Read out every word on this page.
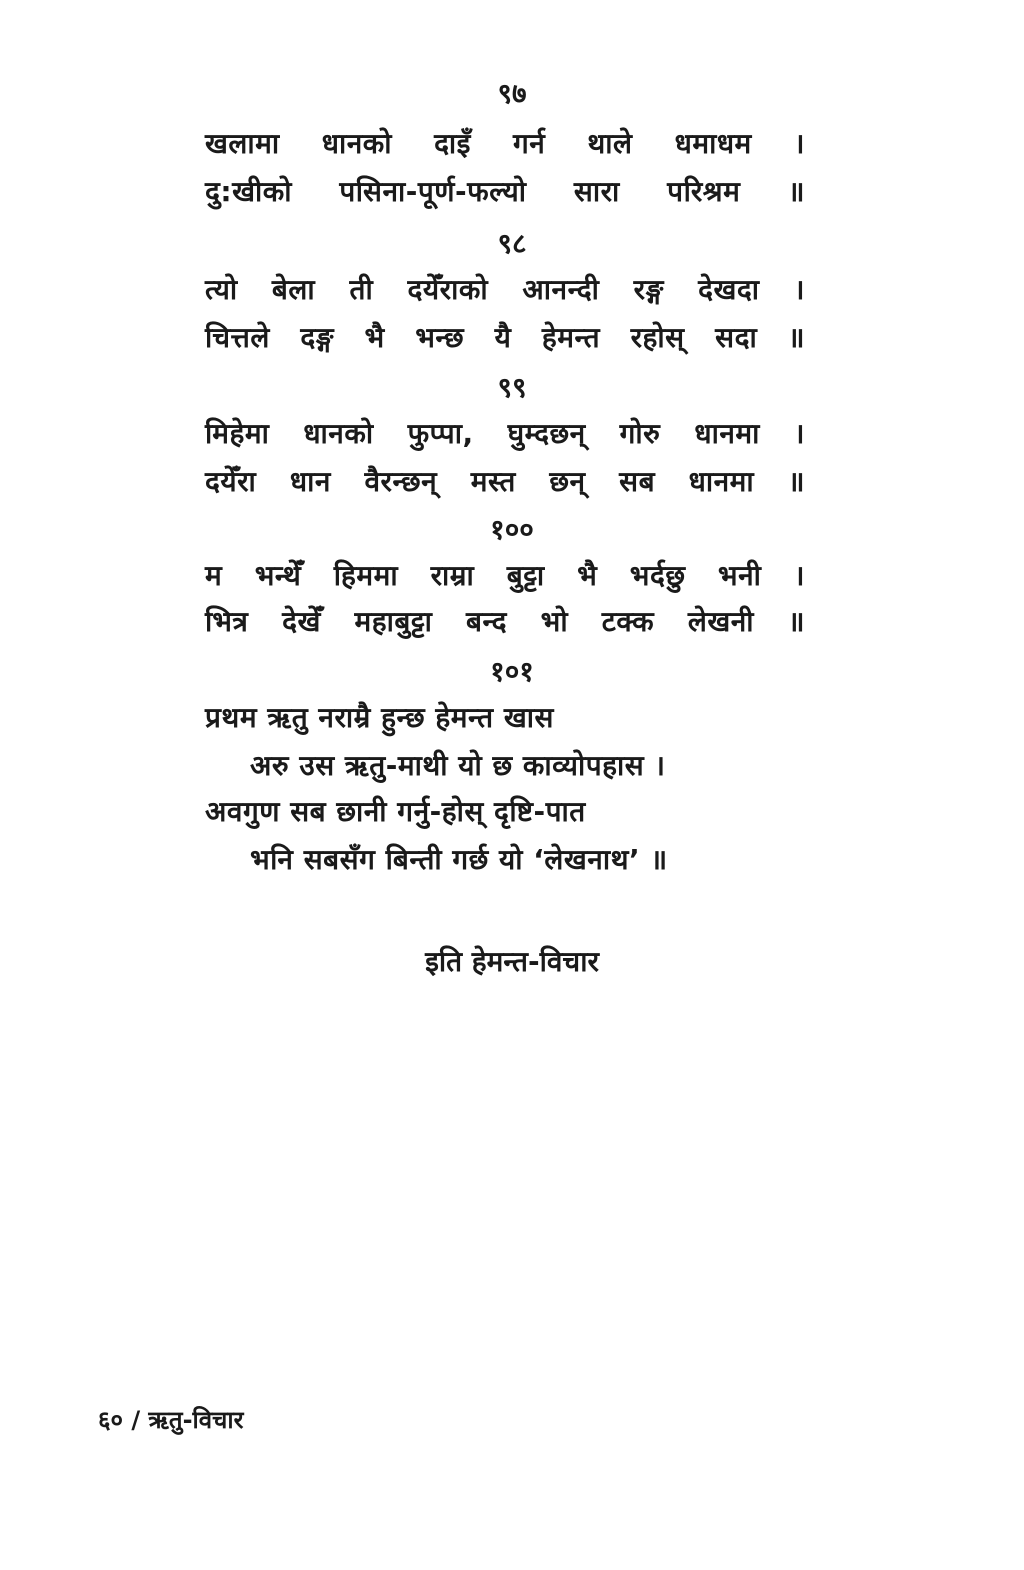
९७
खलामा धानको दाइँ गर्न थाले धमाधम ।
दु:खीको पसिना-पूर्ण-फल्यो सारा परिश्रम ॥
९८
त्यो बेला ती दयेँराको आनन्दी रङ्ग देखदा ।
चित्तले दङ्ग भै भन्छ यै हेमन्त रहोस् सदा ॥
९९
मिहेमा धानको फुप्पा, घुम्दछन् गोरु धानमा ।
दयेँरा धान वैरन्छन् मस्त छन् सब धानमा ॥
१००
म भन्थेँ हिममा राम्रा बुट्टा भै भर्दछु भनी ।
भित्र देखेँ महाबुट्टा बन्द भो टक्क लेखनी ॥
१०१
प्रथम ऋतु नराम्रै हुन्छ हेमन्त खास
अरु उस ऋतु-माथी यो छ काव्योपहास ।
अवगुण सब छानी गर्नु-होस् दृष्टि-पात
भनि सबसँग बिन्ती गर्छ यो ‘लेखनाथ’ ॥
इति हेमन्त-विचार
६० / ऋतु-विचार
